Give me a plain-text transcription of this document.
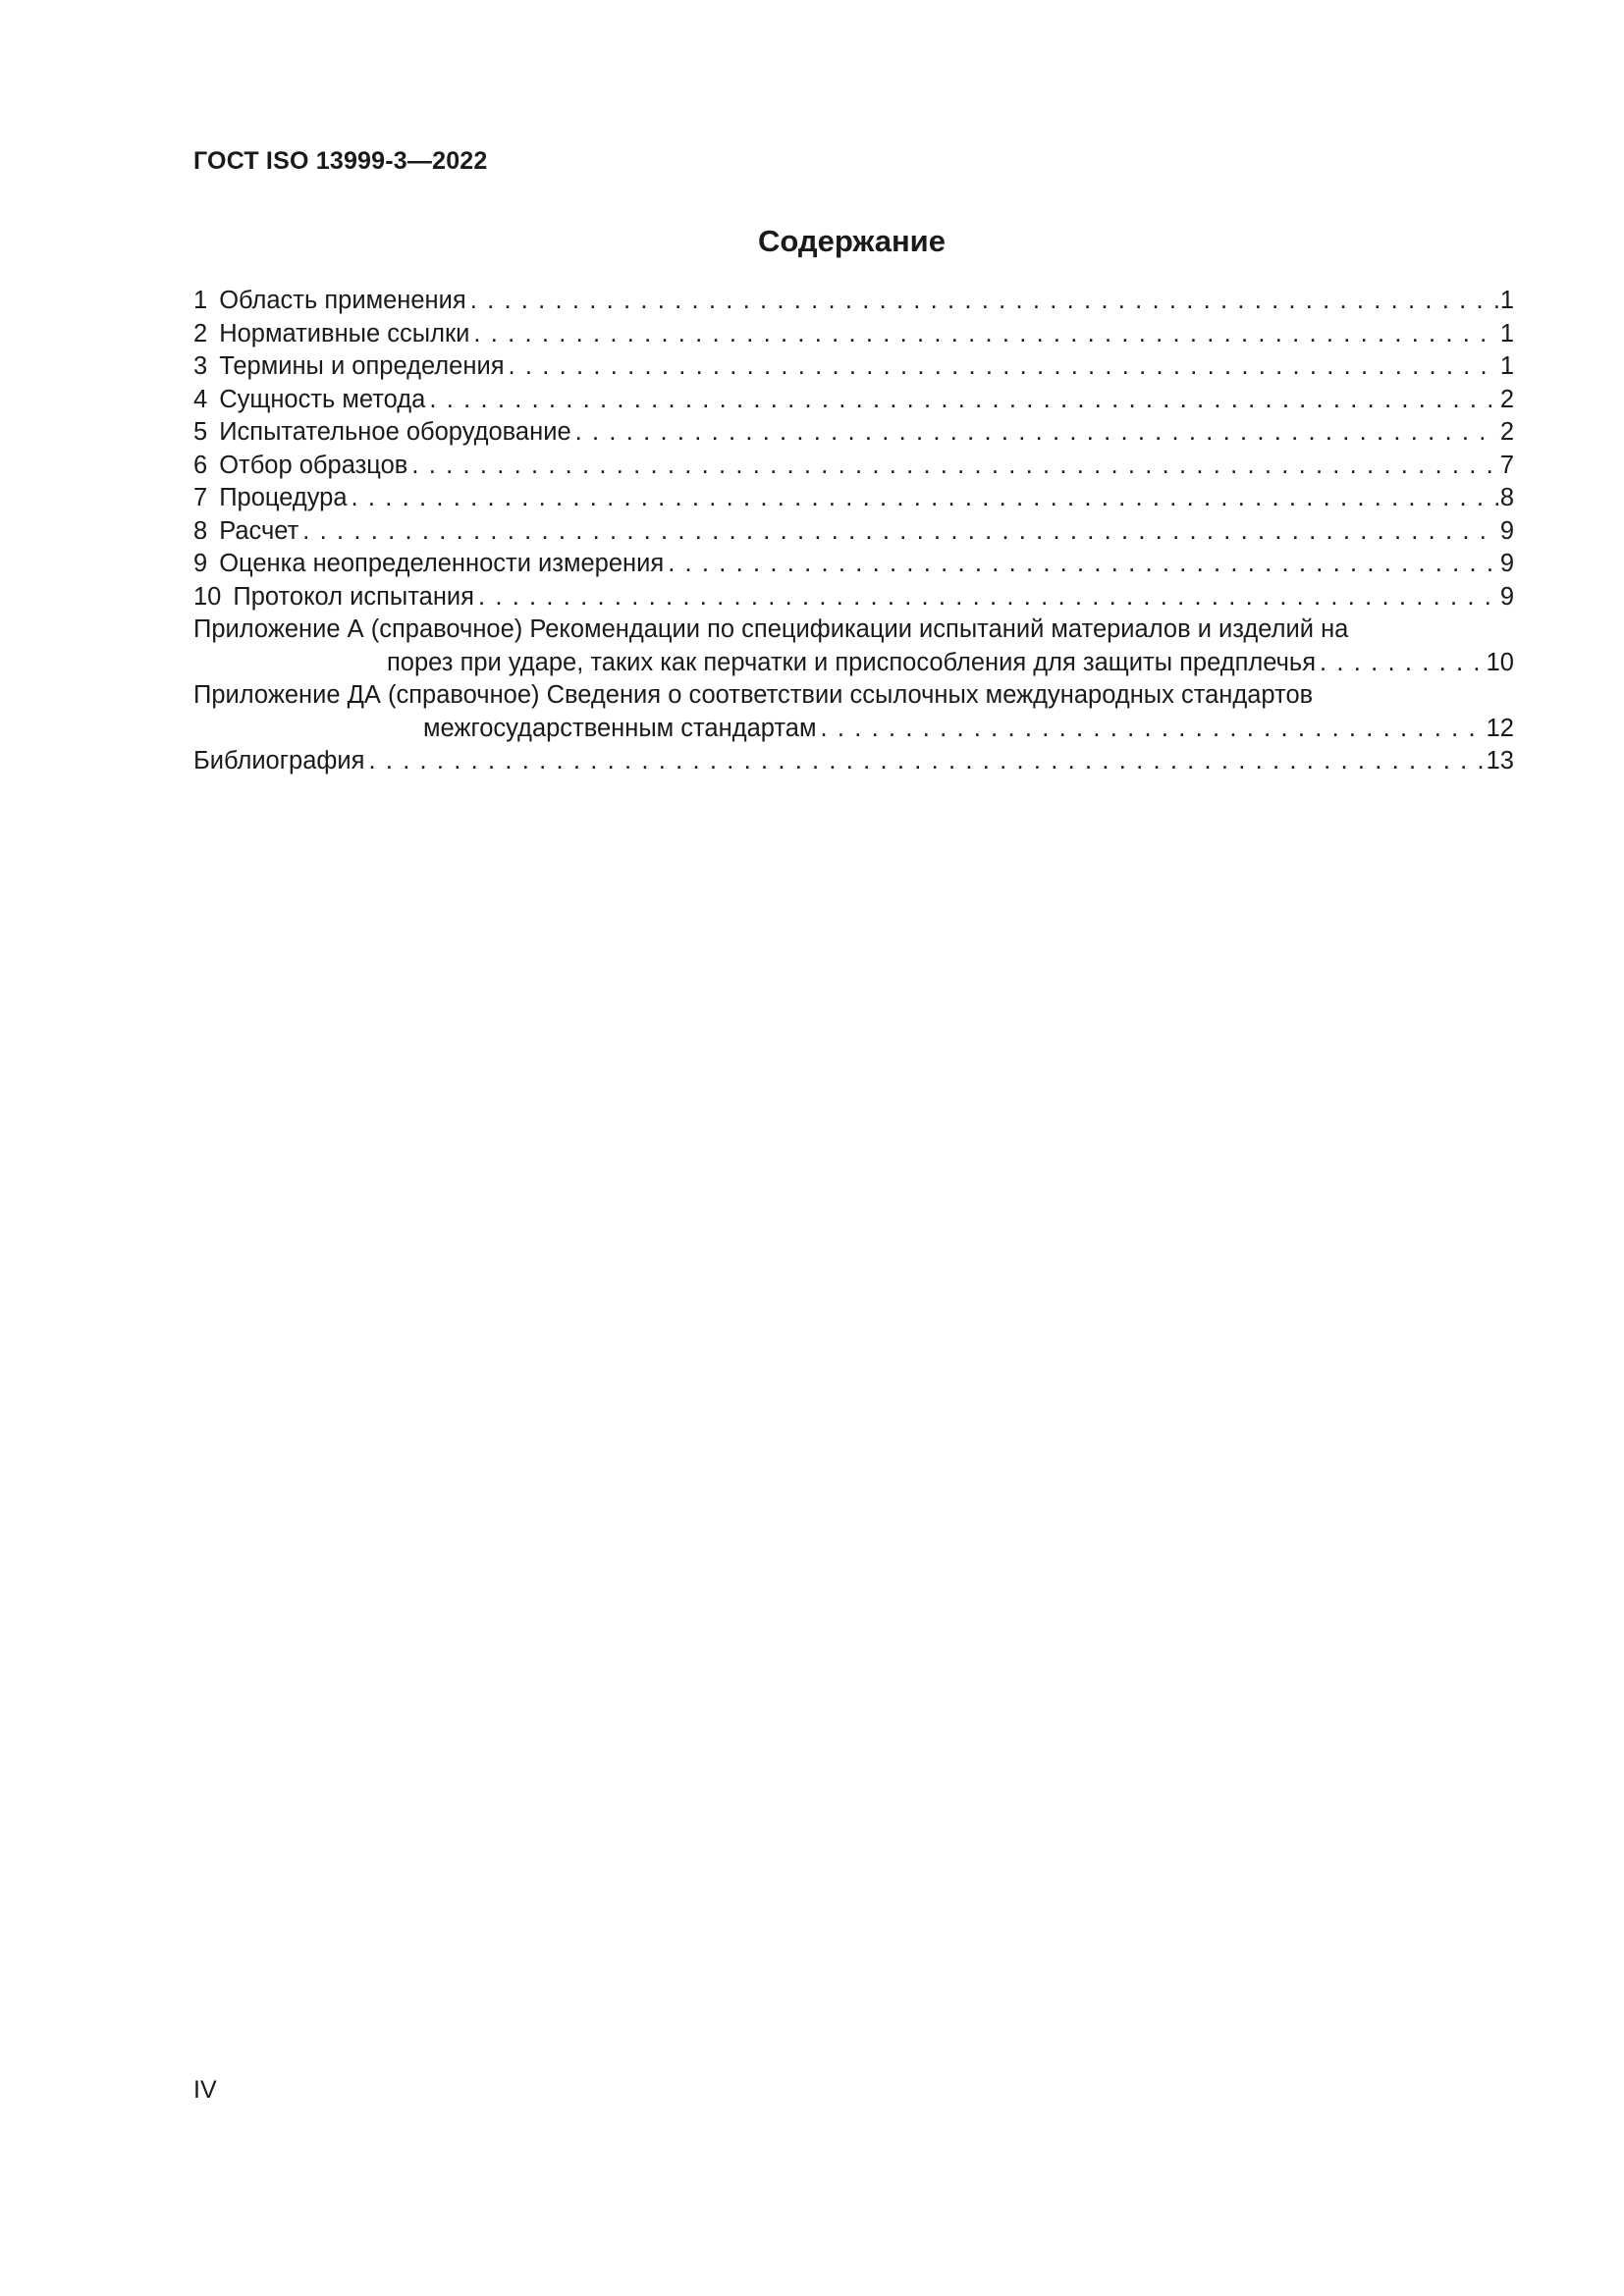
ГОСТ ISO 13999-3—2022
Содержание
1 Область применения . . .	1
2 Нормативные ссылки . . .	1
3 Термины и определения . . .	1
4 Сущность метода . . .	2
5 Испытательное оборудование . . .	2
6 Отбор образцов . . .	7
7 Процедура . . .	8
8 Расчет . . .	9
9 Оценка неопределенности измерения . . .	9
10 Протокол испытания . . .	9
Приложение А (справочное) Рекомендации по спецификации испытаний материалов и изделий на
порез при ударе, таких как перчатки и приспособления для защиты предплечья . . .	10
Приложение ДА (справочное) Сведения о соответствии ссылочных международных стандартов
межгосударственным стандартам . . .	12
Библиография . . .	13
IV
